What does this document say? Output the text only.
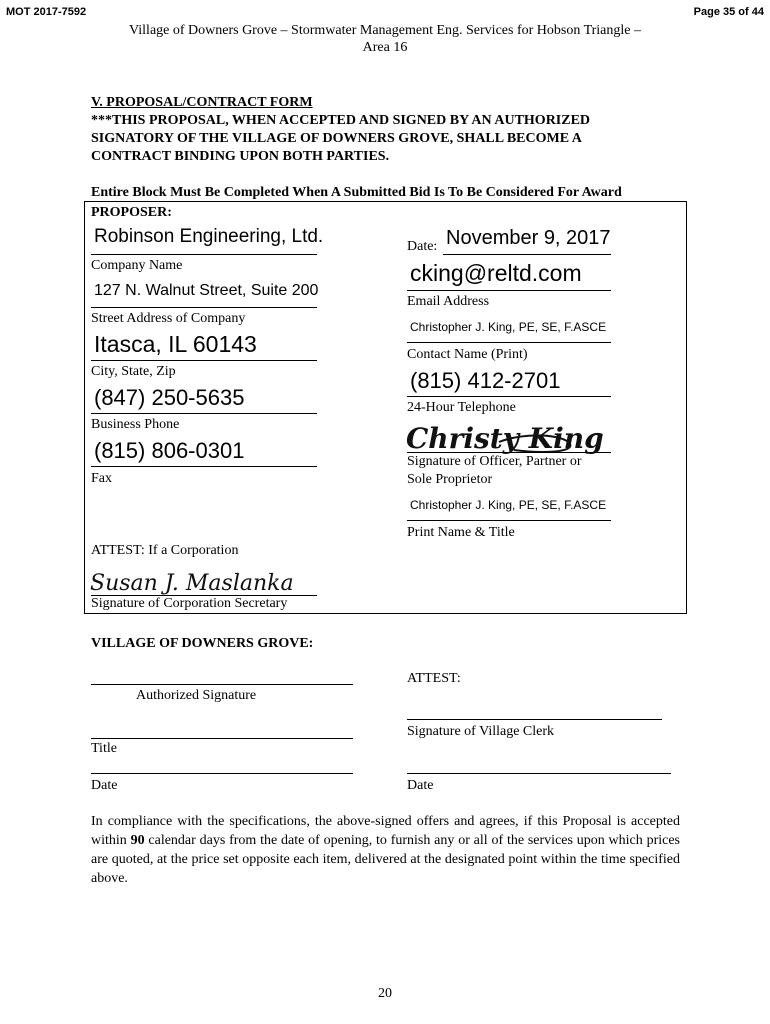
MOT 2017-7592	Page 35 of 44
Village of Downers Grove – Stormwater Management Eng. Services for Hobson Triangle –
Area 16
V. PROPOSAL/CONTRACT FORM
***THIS PROPOSAL, WHEN ACCEPTED AND SIGNED BY AN AUTHORIZED
SIGNATORY OF THE VILLAGE OF DOWNERS GROVE, SHALL BECOME A
CONTRACT BINDING UPON BOTH PARTIES.
Entire Block Must Be Completed When A Submitted Bid Is To Be Considered For Award
PROPOSER:
Robinson Engineering, Ltd.
Company Name
127 N. Walnut Street, Suite 200
Street Address of Company
Itasca, IL 60143
City, State, Zip
(847) 250-5635
Business Phone
(815) 806-0301
Fax
ATTEST: If a Corporation
Susan J. Maslanka
Signature of Corporation Secretary
Date: November 9, 2017
cking@reltd.com
Email Address
Christopher J. King, PE, SE, F.ASCE
Contact Name (Print)
(815) 412-2701
24-Hour Telephone
Christy King
Signature of Officer, Partner or
Sole Proprietor
Christopher J. King, PE, SE, F.ASCE
Print Name & Title
VILLAGE OF DOWNERS GROVE:
Authorized Signature
Title
Date
ATTEST:
Signature of Village Clerk
Date
In compliance with the specifications, the above-signed offers and agrees, if this Proposal is accepted within 90 calendar days from the date of opening, to furnish any or all of the services upon which prices are quoted, at the price set opposite each item, delivered at the designated point within the time specified above.
20
